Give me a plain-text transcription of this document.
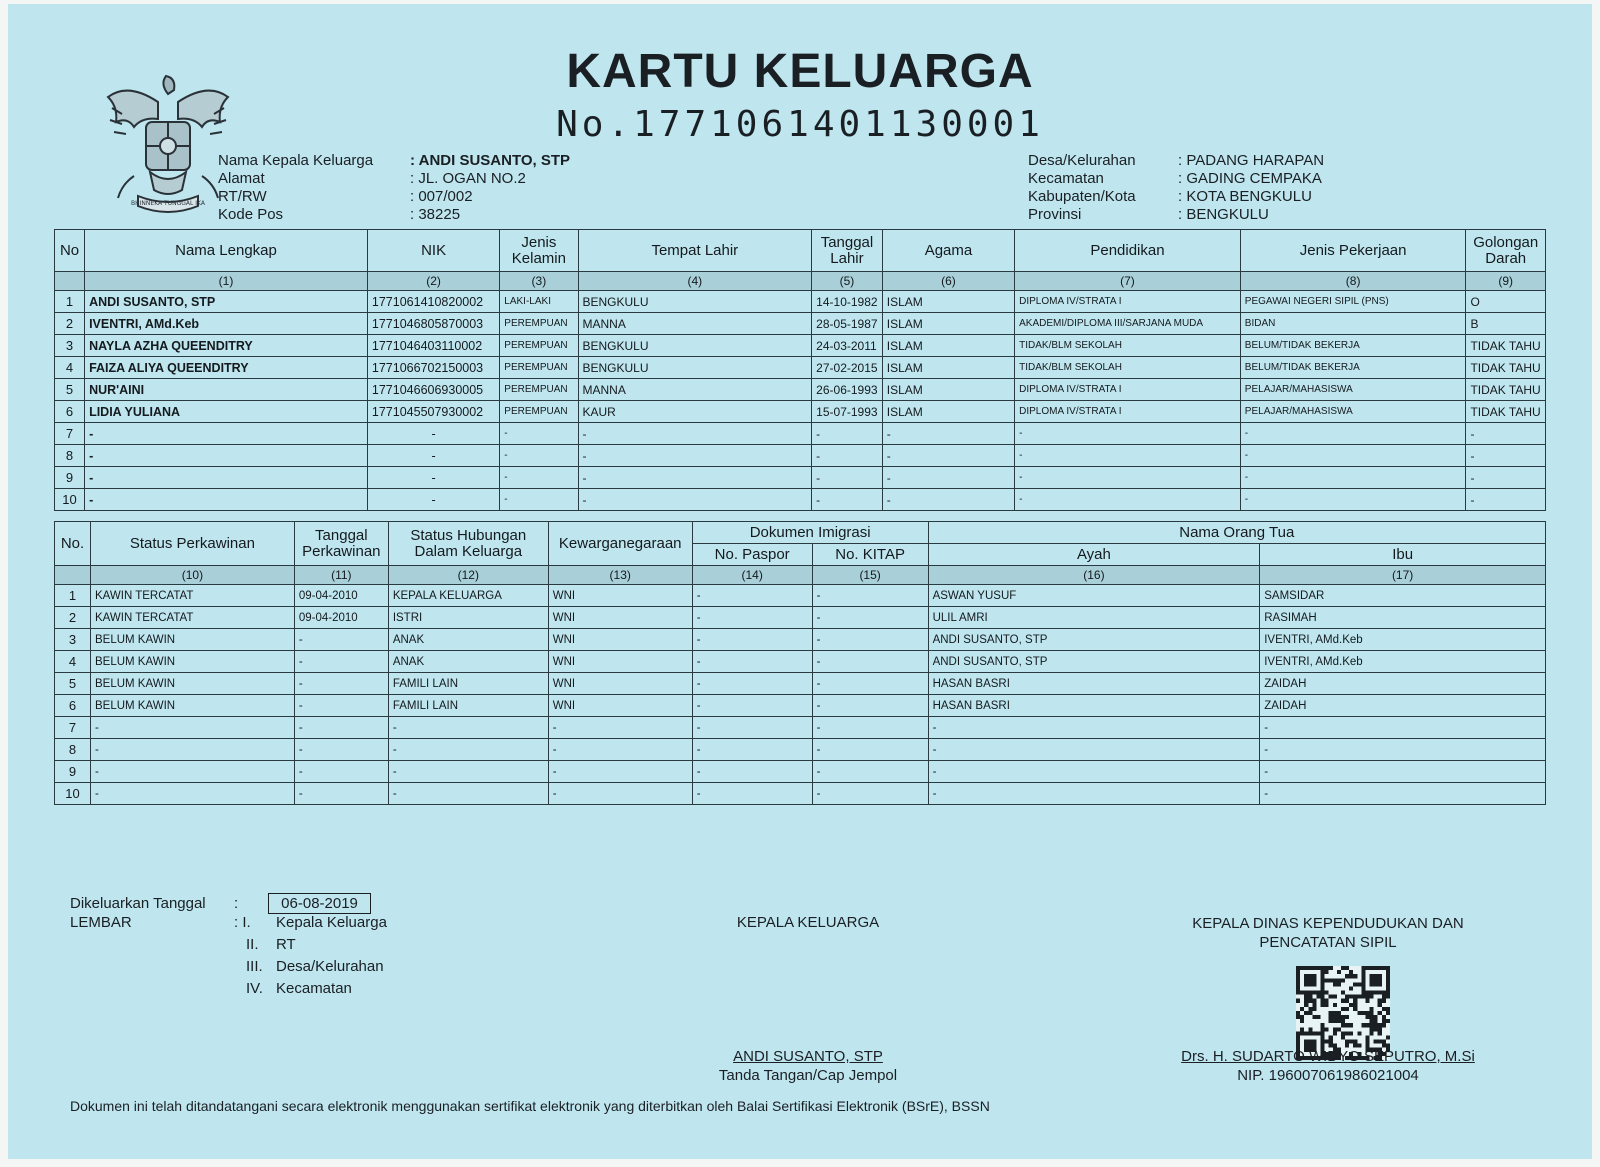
BHINNEKA TUNGGAL IKA
KARTU KELUARGA
No.1771061401130001
Nama Kepala Keluarga	: ANDI SUSANTO, STP
Alamat	: JL. OGAN NO.2
RT/RW	: 007/002
Kode Pos	: 38225
Desa/Kelurahan	: PADANG HARAPAN
Kecamatan	: GADING CEMPAKA
Kabupaten/Kota	: KOTA BENGKULU
Provinsi	: BENGKULU
No	Nama Lengkap	NIK	Jenis Kelamin	Tempat Lahir	Tanggal Lahir	Agama	Pendidikan	Jenis Pekerjaan	Golongan Darah
	(1)	(2)	(3)	(4)	(5)	(6)	(7)	(8)	(9)
1	ANDI SUSANTO, STP	1771061410820002	LAKI-LAKI	BENGKULU	14-10-1982	ISLAM	DIPLOMA IV/STRATA I	PEGAWAI NEGERI SIPIL (PNS)	O
2	IVENTRI, AMd.Keb	1771046805870003	PEREMPUAN	MANNA	28-05-1987	ISLAM	AKADEMI/DIPLOMA III/SARJANA MUDA	BIDAN	B
3	NAYLA AZHA QUEENDITRY	1771046403110002	PEREMPUAN	BENGKULU	24-03-2011	ISLAM	TIDAK/BLM SEKOLAH	BELUM/TIDAK BEKERJA	TIDAK TAHU
4	FAIZA ALIYA QUEENDITRY	1771066702150003	PEREMPUAN	BENGKULU	27-02-2015	ISLAM	TIDAK/BLM SEKOLAH	BELUM/TIDAK BEKERJA	TIDAK TAHU
5	NUR'AINI	1771046606930005	PEREMPUAN	MANNA	26-06-1993	ISLAM	DIPLOMA IV/STRATA I	PELAJAR/MAHASISWA	TIDAK TAHU
6	LIDIA YULIANA	1771045507930002	PEREMPUAN	KAUR	15-07-1993	ISLAM	DIPLOMA IV/STRATA I	PELAJAR/MAHASISWA	TIDAK TAHU
7	-	-	-	-	-	-	-	-	-
8	-	-	-	-	-	-	-	-	-
9	-	-	-	-	-	-	-	-	-
10	-	-	-	-	-	-	-	-	-
No.	Status Perkawinan	Tanggal Perkawinan	Status Hubungan Dalam Keluarga	Kewarganegaraan	Dokumen Imigrasi		Nama Orang Tua	
					No. Paspor	No. KITAP	Ayah	Ibu
	(10)	(11)	(12)	(13)	(14)	(15)	(16)	(17)
1	KAWIN TERCATAT	09-04-2010	KEPALA KELUARGA	WNI	-	-	ASWAN YUSUF	SAMSIDAR
2	KAWIN TERCATAT	09-04-2010	ISTRI	WNI	-	-	ULIL AMRI	RASIMAH
3	BELUM KAWIN	-	ANAK	WNI	-	-	ANDI SUSANTO, STP	IVENTRI, AMd.Keb
4	BELUM KAWIN	-	ANAK	WNI	-	-	ANDI SUSANTO, STP	IVENTRI, AMd.Keb
5	BELUM KAWIN	-	FAMILI LAIN	WNI	-	-	HASAN BASRI	ZAIDAH
6	BELUM KAWIN	-	FAMILI LAIN	WNI	-	-	HASAN BASRI	ZAIDAH
7	-	-	-	-	-	-	-	-
8	-	-	-	-	-	-	-	-
9	-	-	-	-	-	-	-	-
10	-	-	-	-	-	-	-	-
Dikeluarkan Tanggal	:	06-08-2019
LEMBAR	: I.	Kepala Keluarga
II.	RT
III. Desa/Kelurahan
IV. Kecamatan
KEPALA KELUARGA
ANDI SUSANTO, STP
Tanda Tangan/Cap Jempol
KEPALA DINAS KEPENDUDUKAN DAN
PENCATATAN SIPIL
Drs. H. SUDARTO WIDYO SEPUTRO, M.Si
NIP. 196007061986021004
Dokumen ini telah ditandatangani secara elektronik menggunakan sertifikat elektronik yang diterbitkan oleh Balai Sertifikasi Elektronik (BSrE), BSSN
